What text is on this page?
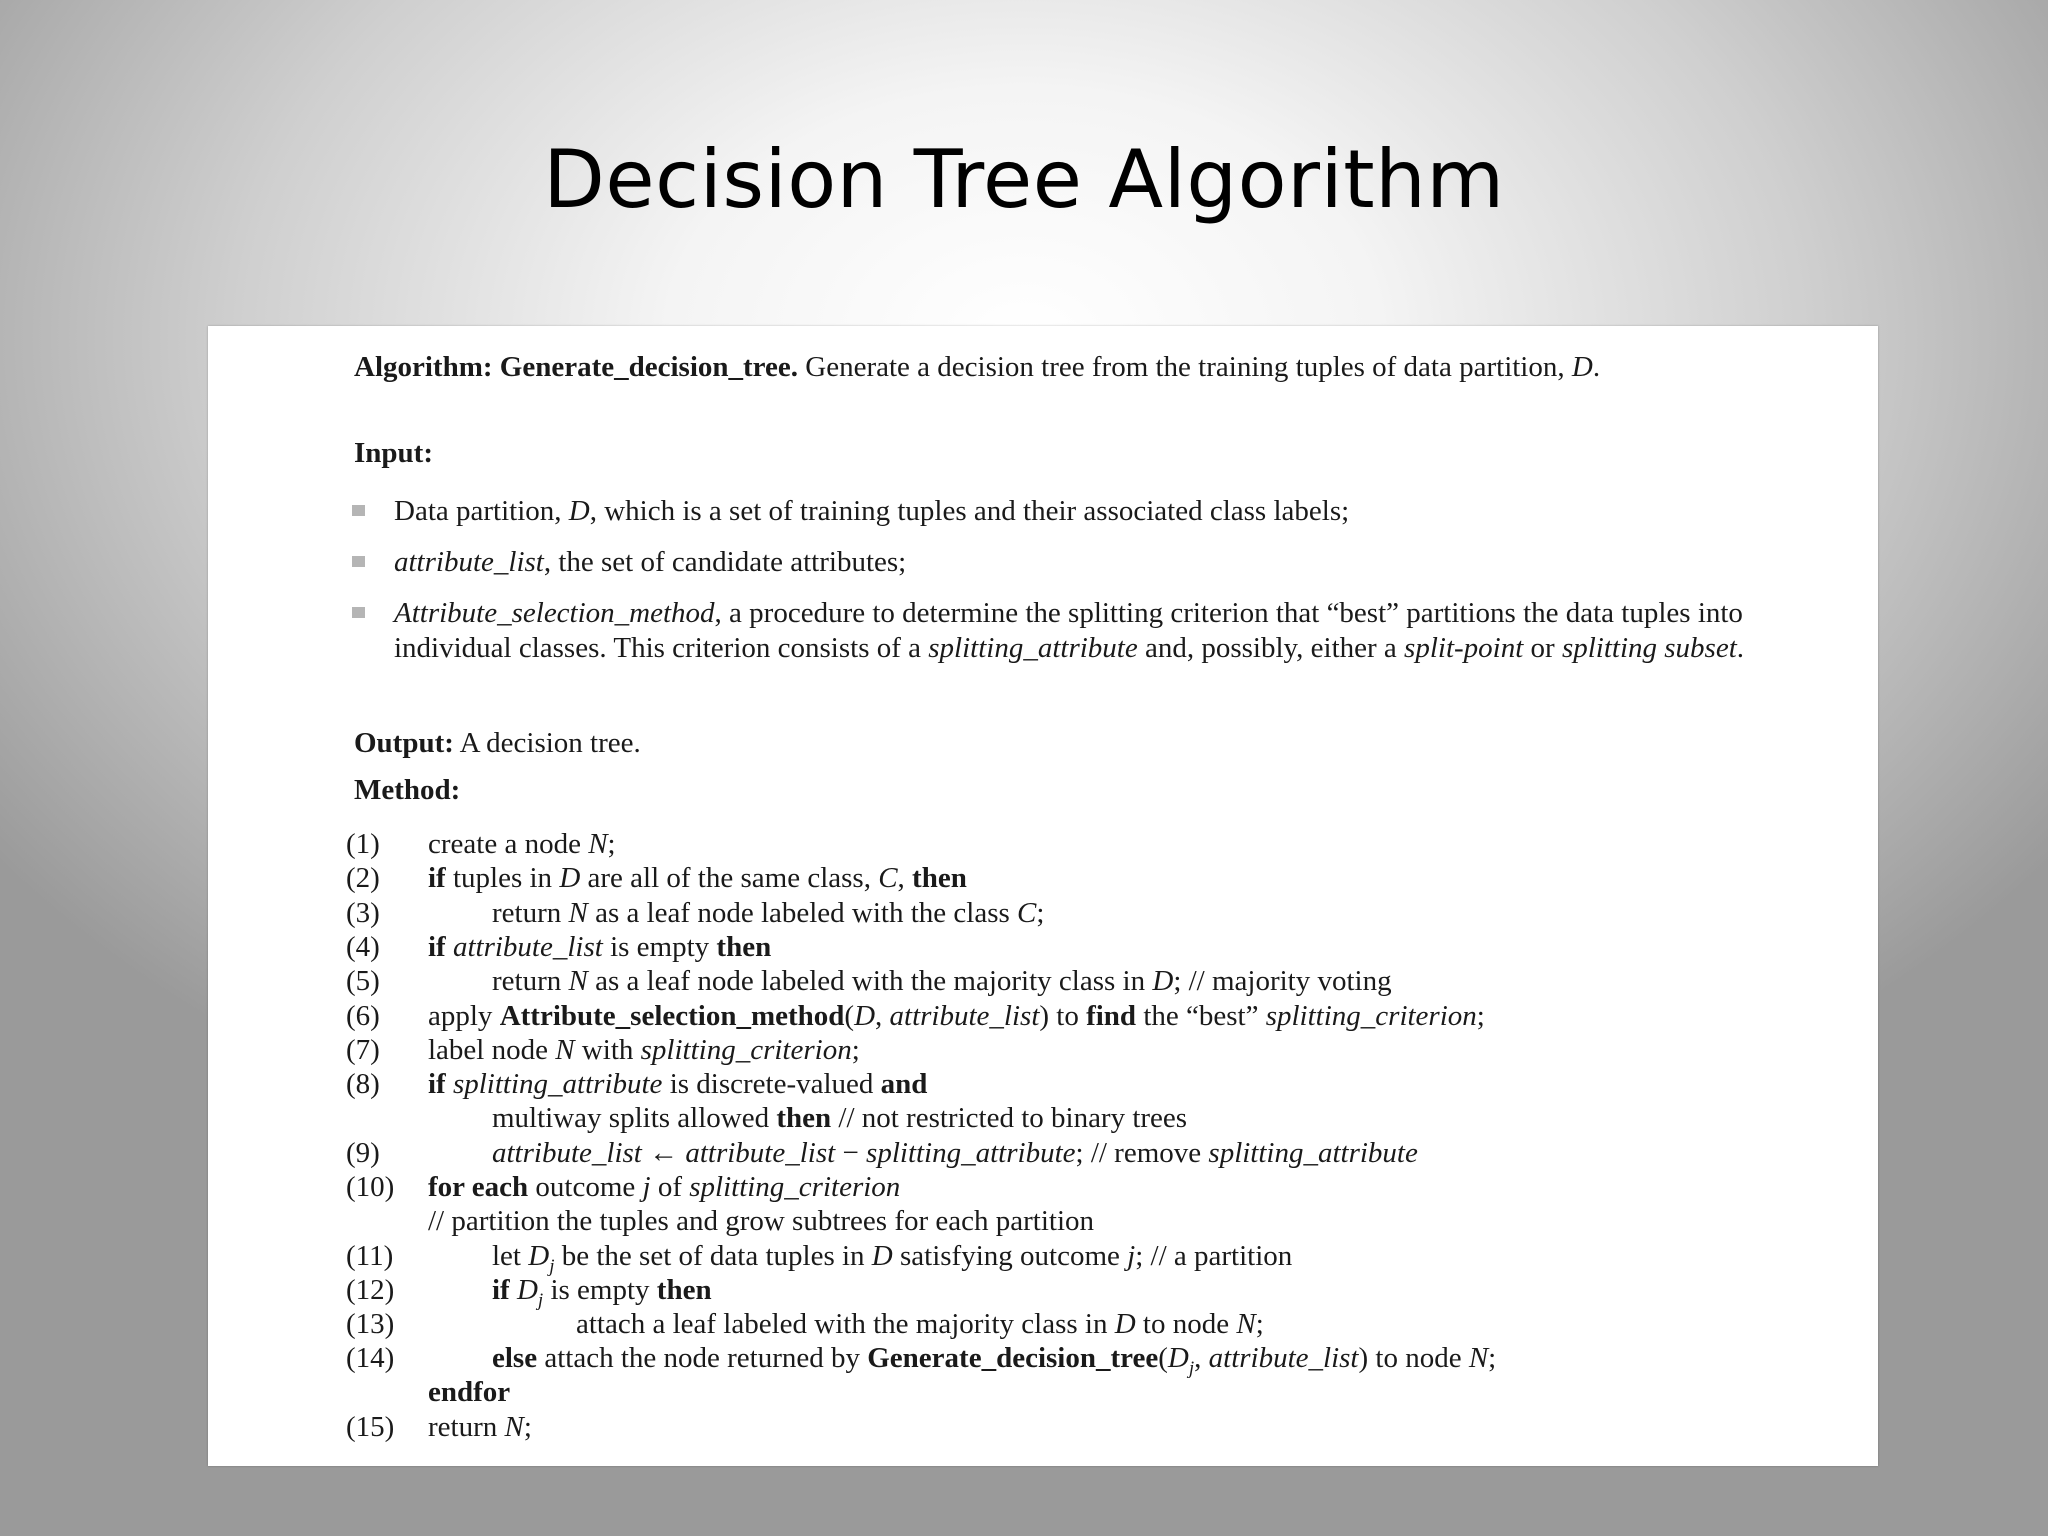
Decision Tree Algorithm
Algorithm: Generate_decision_tree. Generate a decision tree from the training tuples of data partition, D.
Input:
Data partition, D, which is a set of training tuples and their associated class labels;
attribute_list, the set of candidate attributes;
Attribute_selection_method, a procedure to determine the splitting criterion that “best” partitions the data tuples into individual classes. This criterion consists of a splitting_attribute and, possibly, either a split-point or splitting subset.
Output: A decision tree.
Method:
(1) create a node N;
(2) if tuples in D are all of the same class, C, then
(3)	return N as a leaf node labeled with the class C;
(4) if attribute_list is empty then
(5)	return N as a leaf node labeled with the majority class in D; // majority voting
(6) apply Attribute_selection_method(D, attribute_list) to find the “best” splitting_criterion;
(7) label node N with splitting_criterion;
(8) if splitting_attribute is discrete-valued and
multiway splits allowed then // not restricted to binary trees
(9)	attribute_list ← attribute_list − splitting_attribute; // remove splitting_attribute
(10) for each outcome j of splitting_criterion
// partition the tuples and grow subtrees for each partition
(11)	let $D_j$ be the set of data tuples in D satisfying outcome j; // a partition
(12)	if $D_j$ is empty then
(13)	attach a leaf labeled with the majority class in D to node N;
(14)	else attach the node returned by $Generate\_decision\_tree(D_j$, attribute_list) to node N;
endfor
(15) return N;
